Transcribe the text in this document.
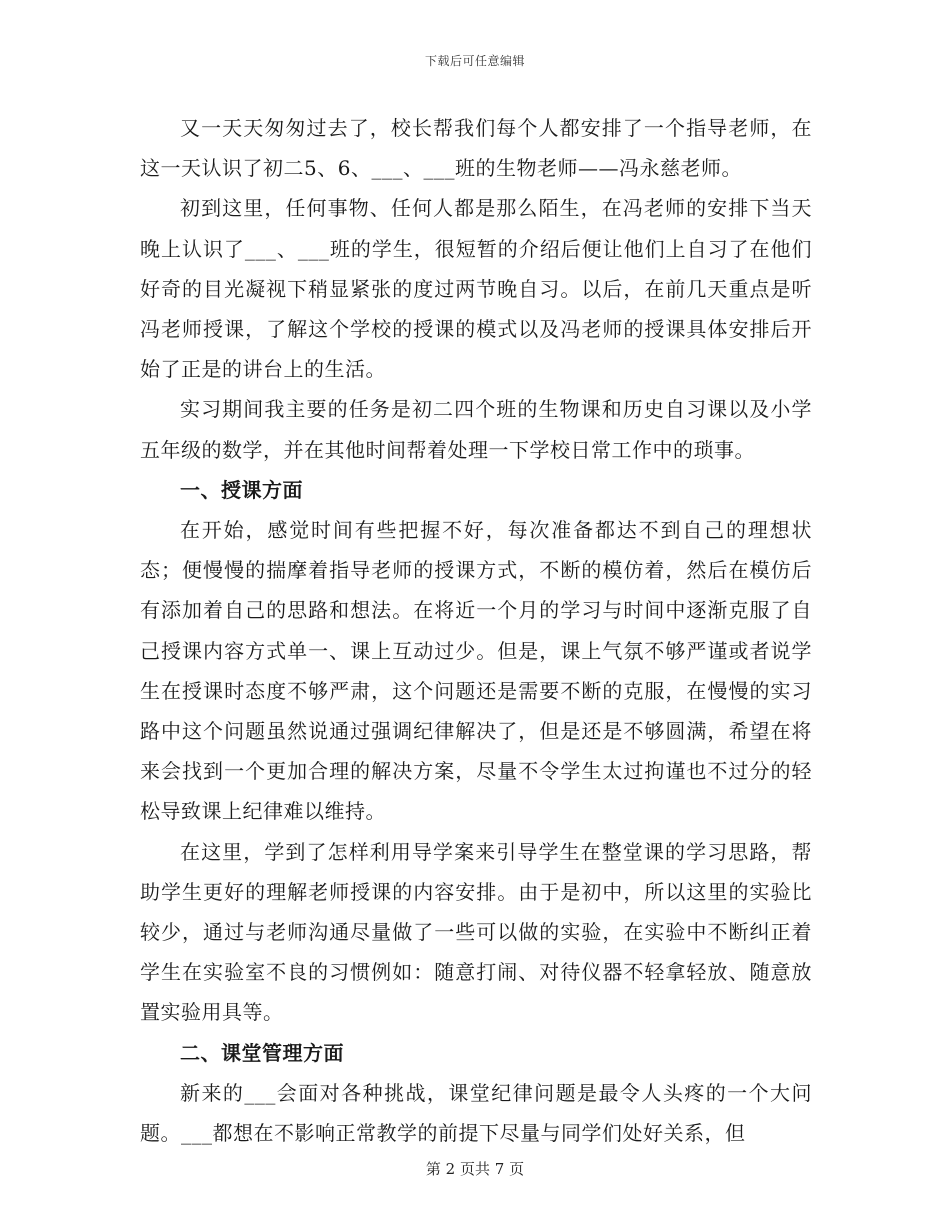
下载后可任意编辑

又一天天匆匆过去了，校长帮我们每个人都安排了一个指导老师，在这一天认识了初二5、6、___、___班的生物老师——冯永慈老师。

初到这里，任何事物、任何人都是那么陌生，在冯老师的安排下当天晚上认识了___、___班的学生，很短暂的介绍后便让他们上自习了在他们好奇的目光凝视下稍显紧张的度过两节晚自习。以后，在前几天重点是听冯老师授课，了解这个学校的授课的模式以及冯老师的授课具体安排后开始了正是的讲台上的生活。

实习期间我主要的任务是初二四个班的生物课和历史自习课以及小学五年级的数学，并在其他时间帮着处理一下学校日常工作中的琐事。

一、授课方面

在开始，感觉时间有些把握不好，每次准备都达不到自己的理想状态；便慢慢的揣摩着指导老师的授课方式，不断的模仿着，然后在模仿后有添加着自己的思路和想法。在将近一个月的学习与时间中逐渐克服了自己授课内容方式单一、课上互动过少。但是，课上气氛不够严谨或者说学生在授课时态度不够严肃，这个问题还是需要不断的克服，在慢慢的实习路中这个问题虽然说通过强调纪律解决了，但是还是不够圆满，希望在将来会找到一个更加合理的解决方案，尽量不令学生太过拘谨也不过分的轻松导致课上纪律难以维持。

在这里，学到了怎样利用导学案来引导学生在整堂课的学习思路，帮助学生更好的理解老师授课的内容安排。由于是初中，所以这里的实验比较少，通过与老师沟通尽量做了一些可以做的实验，在实验中不断纠正着学生在实验室不良的习惯例如：随意打闹、对待仪器不轻拿轻放、随意放置实验用具等。

二、课堂管理方面

新来的___会面对各种挑战，课堂纪律问题是最令人头疼的一个大问题。___都想在不影响正常教学的前提下尽量与同学们处好关系，但

第 2 页共 7 页
